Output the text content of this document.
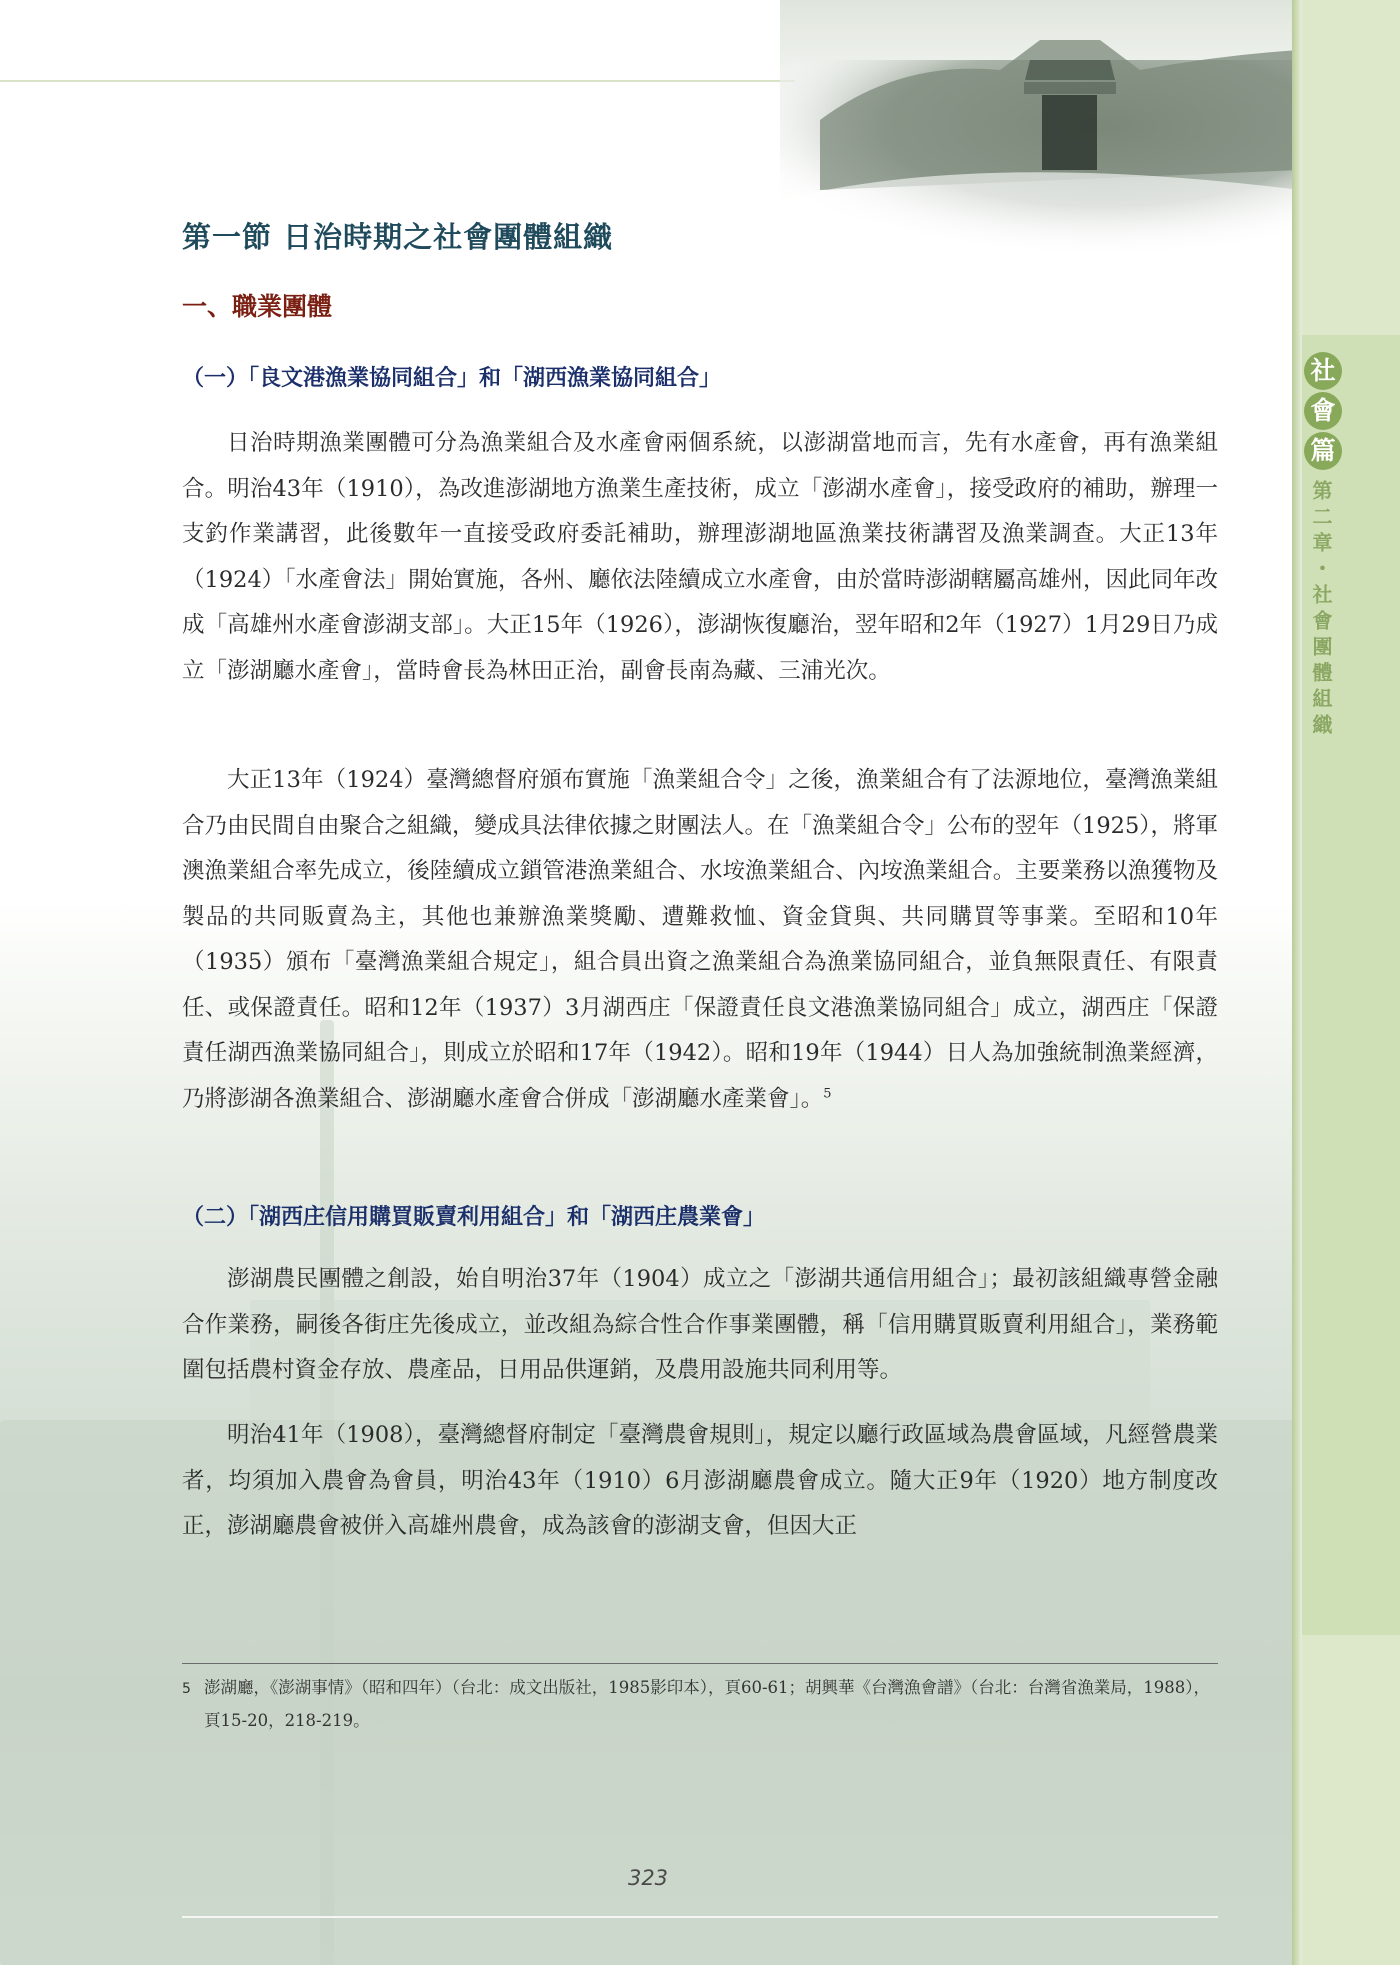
社
會
篇
第二章・社會團體組織
第一節 日治時期之社會團體組織
一、職業團體
（一）「良文港漁業協同組合」和「湖西漁業協同組合」

日治時期漁業團體可分為漁業組合及水產會兩個系統，以澎湖當地而言，先有水產會，再有漁業組合。明治43年（1910），為改進澎湖地方漁業生產技術，成立「澎湖水產會」，接受政府的補助，辦理一支釣作業講習，此後數年一直接受政府委託補助，辦理澎湖地區漁業技術講習及漁業調查。大正13年（1924）「水產會法」開始實施，各州、廳依法陸續成立水產會，由於當時澎湖轄屬高雄州，因此同年改成「高雄州水產會澎湖支部」。大正15年（1926），澎湖恢復廳治，翌年昭和2年（1927）1月29日乃成立「澎湖廳水產會」，當時會長為林田正治，副會長南為藏、三浦光次。

大正13年（1924）臺灣總督府頒布實施「漁業組合令」之後，漁業組合有了法源地位，臺灣漁業組合乃由民間自由聚合之組織，變成具法律依據之財團法人。在「漁業組合令」公布的翌年（1925），將軍澳漁業組合率先成立，後陸續成立鎖管港漁業組合、水垵漁業組合、內垵漁業組合。主要業務以漁獲物及製品的共同販賣為主，其他也兼辦漁業獎勵、遭難救恤、資金貸與、共同購買等事業。至昭和10年（1935）頒布「臺灣漁業組合規定」，組合員出資之漁業組合為漁業協同組合，並負無限責任、有限責任、或保證責任。昭和12年（1937）3月湖西庄「保證責任良文港漁業協同組合」成立，湖西庄「保證責任湖西漁業協同組合」，則成立於昭和17年（1942）。昭和19年（1944）日人為加強統制漁業經濟，乃將澎湖各漁業組合、澎湖廳水產會合併成「澎湖廳水產業會」。$^5$

（二）「湖西庄信用購買販賣利用組合」和「湖西庄農業會」

澎湖農民團體之創設，始自明治37年（1904）成立之「澎湖共通信用組合」；最初該組織專營金融合作業務，嗣後各街庄先後成立，並改組為綜合性合作事業團體，稱「信用購買販賣利用組合」，業務範圍包括農村資金存放、農產品，日用品供運銷，及農用設施共同利用等。

明治41年（1908），臺灣總督府制定「臺灣農會規則」，規定以廳行政區域為農會區域，凡經營農業者，均須加入農會為會員，明治43年（1910）6月澎湖廳農會成立。隨大正9年（1920）地方制度改正，澎湖廳農會被併入高雄州農會，成為該會的澎湖支會，但因大正

5 澎湖廳，《澎湖事情》（昭和四年）（台北：成文出版社，1985影印本），頁60-61；胡興華《台灣漁會譜》（台北：台灣省漁業局，1988），頁15-20，218-219。
323
